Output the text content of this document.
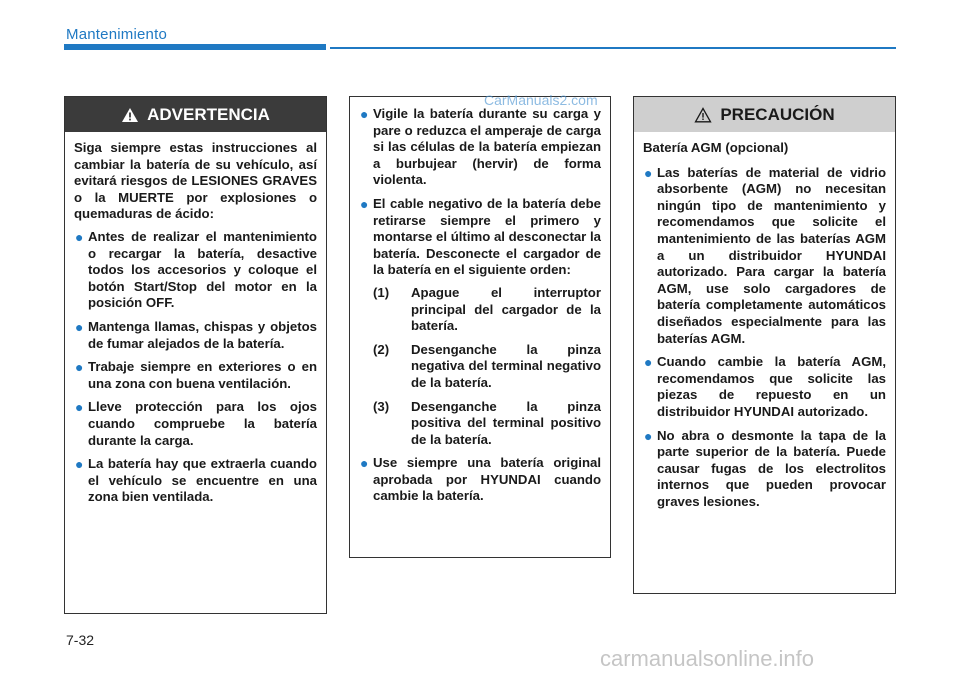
Mantenimiento
ADVERTENCIA

Siga siempre estas instrucciones al cambiar la batería de su vehículo, así evitará riesgos de LESIONES GRAVES o la MUERTE por explosiones o quemaduras de ácido:

● Antes de realizar el mantenimiento o recargar la batería, desactive todos los accesorios y coloque el botón Start/Stop del motor en la posición OFF.
● Mantenga llamas, chispas y objetos de fumar alejados de la batería.
● Trabaje siempre en exteriores o en una zona con buena ventilación.
● Lleve protección para los ojos cuando compruebe la batería durante la carga.
● La batería hay que extraerla cuando el vehículo se encuentre en una zona bien ventilada.
● Vigile la batería durante su carga y pare o reduzca el amperaje de carga si las células de la batería empiezan a burbujear (hervir) de forma violenta.
● El cable negativo de la batería debe retirarse siempre el primero y montarse el último al desconectar la batería. Desconecte el cargador de la batería en el siguiente orden:
(1) Apague el interruptor principal del cargador de la batería.
(2) Desenganche la pinza negativa del terminal negativo de la batería.
(3) Desenganche la pinza positiva del terminal positivo de la batería.
● Use siempre una batería original aprobada por HYUNDAI cuando cambie la batería.
PRECAUCIÓN

Batería AGM (opcional)

● Las baterías de material de vidrio absorbente (AGM) no necesitan ningún tipo de mantenimiento y recomendamos que solicite el mantenimiento de las baterías AGM a un distribuidor HYUNDAI autorizado. Para cargar la batería AGM, use solo cargadores de batería completamente automáticos diseñados especialmente para las baterías AGM.
● Cuando cambie la batería AGM, recomendamos que solicite las piezas de repuesto en un distribuidor HYUNDAI autorizado.
● No abra o desmonte la tapa de la parte superior de la batería. Puede causar fugas de los electrolitos internos que pueden provocar graves lesiones.
7-32
CarManuals2.com
carmanualsonline.info
